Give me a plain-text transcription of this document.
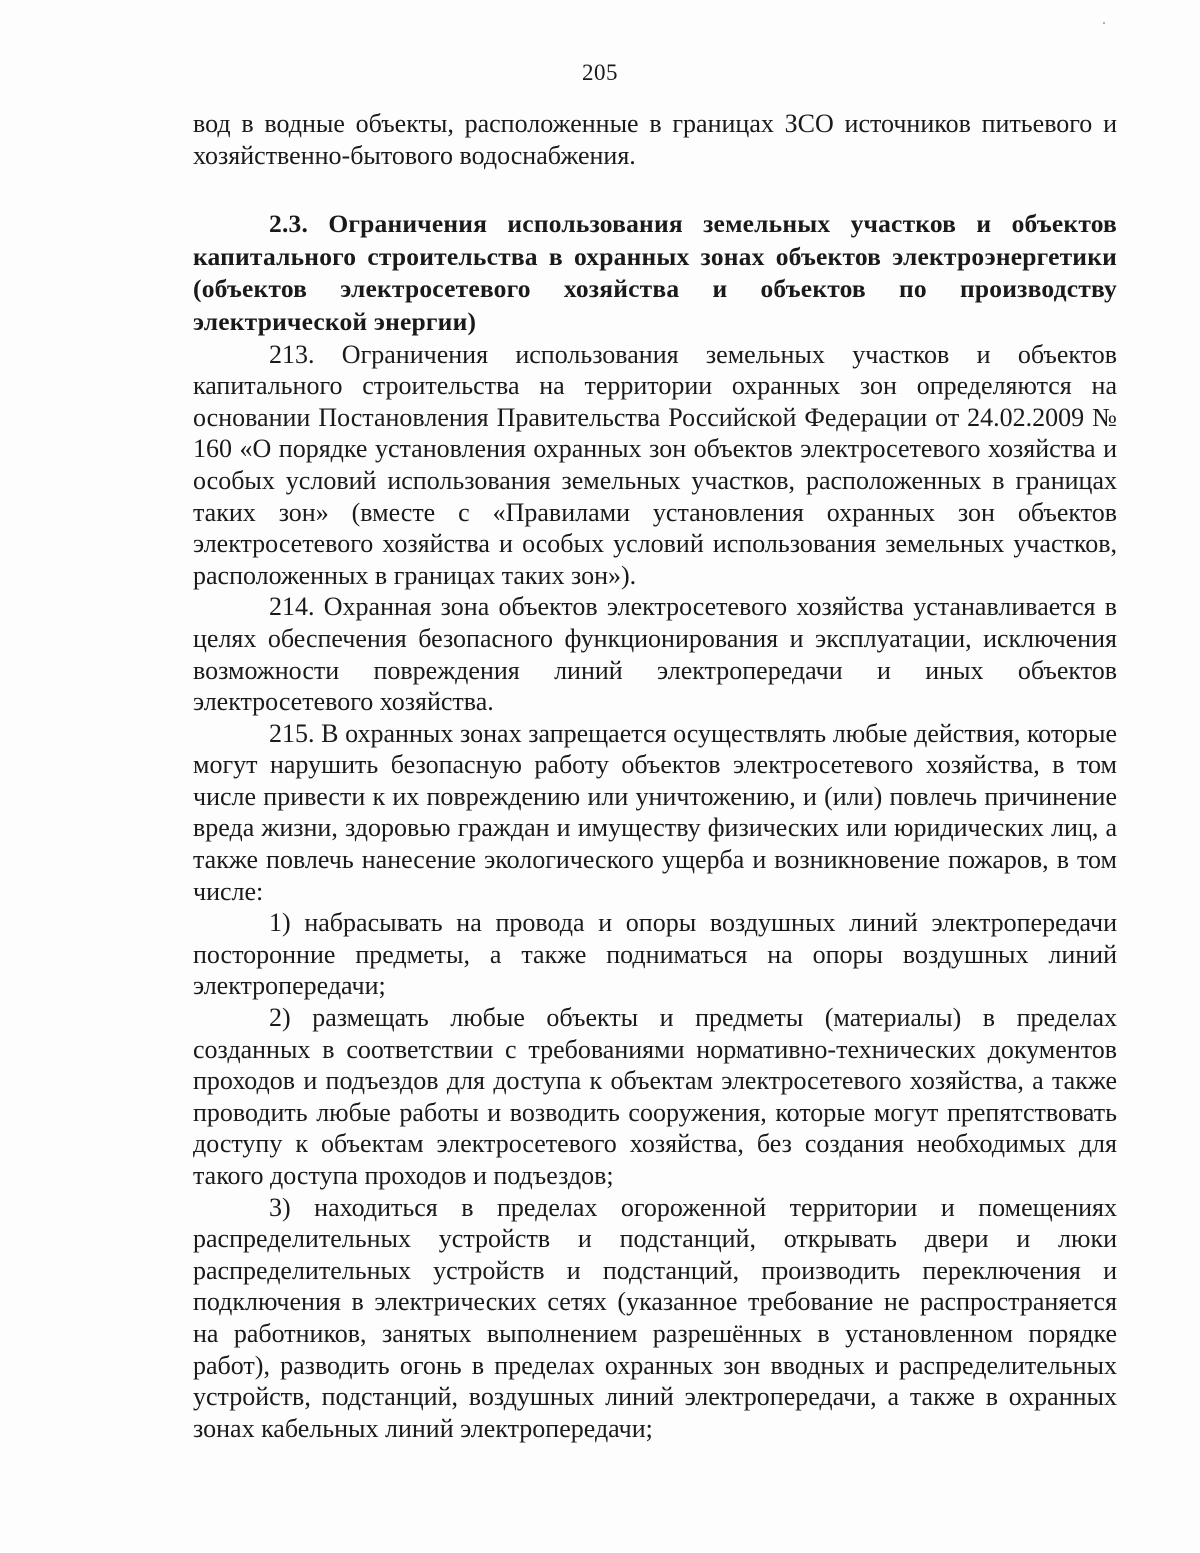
205

вод в водные объекты, расположенные в границах ЗСО источников питьевого и хозяйственно-бытового водоснабжения.

2.3. Ограничения использования земельных участков и объектов капитального строительства в охранных зонах объектов электроэнергетики (объектов электросетевого хозяйства и объектов по производству электрической энергии)

213. Ограничения использования земельных участков и объектов капитального строительства на территории охранных зон определяются на основании Постановления Правительства Российской Федерации от 24.02.2009 № 160 «О порядке установления охранных зон объектов электросетевого хозяйства и особых условий использования земельных участков, расположенных в границах таких зон» (вместе с «Правилами установления охранных зон объектов электросетевого хозяйства и особых условий использования земельных участков, расположенных в границах таких зон»).

214. Охранная зона объектов электросетевого хозяйства устанавливается в целях обеспечения безопасного функционирования и эксплуатации, исключения возможности повреждения линий электропередачи и иных объектов электросетевого хозяйства.

215. В охранных зонах запрещается осуществлять любые действия, которые могут нарушить безопасную работу объектов электросетевого хозяйства, в том числе привести к их повреждению или уничтожению, и (или) повлечь причинение вреда жизни, здоровью граждан и имуществу физических или юридических лиц, а также повлечь нанесение экологического ущерба и возникновение пожаров, в том числе:

1) набрасывать на провода и опоры воздушных линий электропередачи посторонние предметы, а также подниматься на опоры воздушных линий электропередачи;

2) размещать любые объекты и предметы (материалы) в пределах созданных в соответствии с требованиями нормативно-технических документов проходов и подъездов для доступа к объектам электросетевого хозяйства, а также проводить любые работы и возводить сооружения, которые могут препятствовать доступу к объектам электросетевого хозяйства, без создания необходимых для такого доступа проходов и подъездов;

3) находиться в пределах огороженной территории и помещениях распределительных устройств и подстанций, открывать двери и люки распределительных устройств и подстанций, производить переключения и подключения в электрических сетях (указанное требование не распространяется на работников, занятых выполнением разрешённых в установленном порядке работ), разводить огонь в пределах охранных зон вводных и распределительных устройств, подстанций, воздушных линий электропередачи, а также в охранных зонах кабельных линий электропередачи;
